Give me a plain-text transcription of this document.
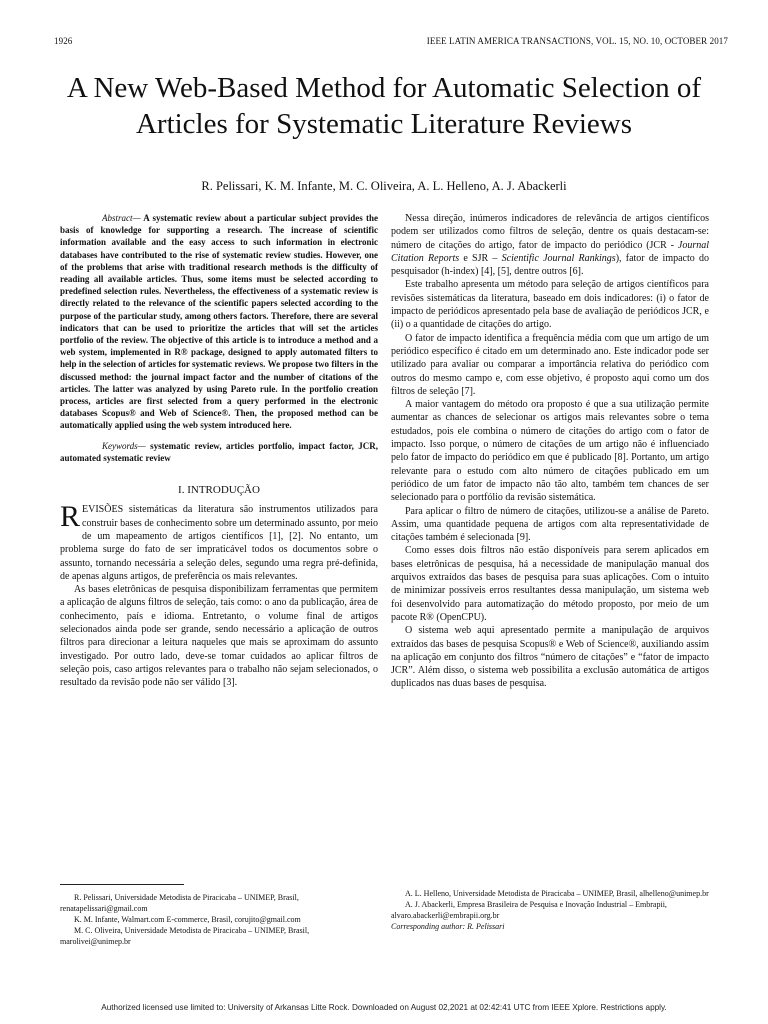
1926	IEEE LATIN AMERICA TRANSACTIONS, VOL. 15, NO. 10, OCTOBER 2017
A New Web-Based Method for Automatic Selection of Articles for Systematic Literature Reviews
R. Pelissari, K. M. Infante, M. C. Oliveira, A. L. Helleno, A. J. Abackerli

Abstract— A systematic review about a particular subject provides the basis of knowledge for supporting a research. The increase of scientific information available and the easy access to such information in electronic databases have contributed to the rise of systematic review studies. However, one of the problems that arise with traditional research methods is the difficulty of reading all available articles. Thus, some items must be selected according to predefined selection rules. Nevertheless, the effectiveness of a systematic review is directly related to the relevance of the scientific papers selected according to the purpose of the particular study, among others factors. Therefore, there are several indicators that can be used to prioritize the articles that will set the articles portfolio of the review. The objective of this article is to introduce a method and a web system, implemented in R® package, designed to apply automated filters to help in the selection of articles for systematic reviews. We propose two filters in the discussed method: the journal impact factor and the number of citations of the articles. The latter was analyzed by using Pareto rule. In the portfolio creation process, articles are first selected from a query performed in the electronic databases Scopus® and Web of Science®. Then, the proposed method can be automatically applied using the web system introduced here.

Keywords— systematic review, articles portfolio, impact factor, JCR, automated systematic review

I. INTRODUÇÃO

REVISÕES sistemáticas da literatura são instrumentos utilizados para construir bases de conhecimento sobre um determinado assunto, por meio de um mapeamento de artigos científicos [1], [2]. No entanto, um problema surge do fato de ser impraticável todos os documentos sobre o assunto, tornando necessária a seleção deles, segundo uma regra pré-definida, de apenas alguns artigos, de preferência os mais relevantes.

As bases eletrônicas de pesquisa disponibilizam ferramentas que permitem a aplicação de alguns filtros de seleção, tais como: o ano da publicação, área de conhecimento, país e idioma. Entretanto, o volume final de artigos selecionados ainda pode ser grande, sendo necessário a aplicação de outros filtros para direcionar a leitura naqueles que mais se aproximam do assunto investigado. Por outro lado, deve-se tomar cuidados ao aplicar filtros de seleção pois, caso artigos relevantes para o trabalho não sejam selecionados, o resultado da revisão pode não ser válido [3].

Nessa direção, inúmeros indicadores de relevância de artigos científicos podem ser utilizados como filtros de seleção, dentre os quais destacam-se: número de citações do artigo, fator de impacto do periódico (JCR - Journal Citation Reports e SJR – Scientific Journal Rankings), fator de impacto do pesquisador (h-index) [4], [5], dentre outros [6].

Este trabalho apresenta um método para seleção de artigos científicos para revisões sistemáticas da literatura, baseado em dois indicadores: (i) o fator de impacto de periódicos apresentado pela base de avaliação de periódicos JCR, e (ii) o a quantidade de citações do artigo.

O fator de impacto identifica a frequência média com que um artigo de um periódico específico é citado em um determinado ano. Este indicador pode ser utilizado para avaliar ou comparar a importância relativa do periódico com outros do mesmo campo e, com esse objetivo, é proposto aqui como um dos filtros de seleção [7].

A maior vantagem do método ora proposto é que a sua utilização permite aumentar as chances de selecionar os artigos mais relevantes sobre o tema estudados, pois ele combina o número de citações do artigo com o fator de impacto. Isso porque, o número de citações de um artigo não é influenciado pelo fator de impacto do periódico em que é publicado [8]. Portanto, um artigo relevante para o estudo com alto número de citações publicado em um periódico de um fator de impacto não tão alto, também tem chances de ser selecionado para o portfólio da revisão sistemática.

Para aplicar o filtro de número de citações, utilizou-se a análise de Pareto. Assim, uma quantidade pequena de artigos com alta representatividade de citações também é selecionada [9].

Como esses dois filtros não estão disponíveis para serem aplicados em bases eletrônicas de pesquisa, há a necessidade de manipulação manual dos arquivos extraídos das bases de pesquisa para suas aplicações. Com o intuito de minimizar possíveis erros resultantes dessa manipulação, um sistema web foi desenvolvido para automatização do método proposto, por meio de um pacote R® (OpenCPU).

O sistema web aqui apresentado permite a manipulação de arquivos extraídos das bases de pesquisa Scopus® e Web of Science®, auxiliando assim na aplicação em conjunto dos filtros “número de citações” e “fator de impacto JCR”. Além disso, o sistema web possibilita a exclusão automática de artigos duplicados nas duas bases de pesquisa.

R. Pelissari, Universidade Metodista de Piracicaba – UNIMEP, Brasil, renatapelissari@gmail.com

K. M. Infante, Walmart.com E-commerce, Brasil, corujito@gmail.com

M. C. Oliveira, Universidade Metodista de Piracicaba – UNIMEP, Brasil, maroliveі@unimep.br

A. L. Helleno, Universidade Metodista de Piracicaba – UNIMEP, Brasil, alhelleno@unimep.br

A. J. Abackerli, Empresa Brasileira de Pesquisa e Inovação Industrial – Embrapii, alvaro.abackerli@embrapii.org.br

Corresponding author: R. Pelissari

Authorized licensed use limited to: University of Arkansas Litte Rock. Downloaded on August 02,2021 at 02:42:41 UTC from IEEE Xplore. Restrictions apply.
